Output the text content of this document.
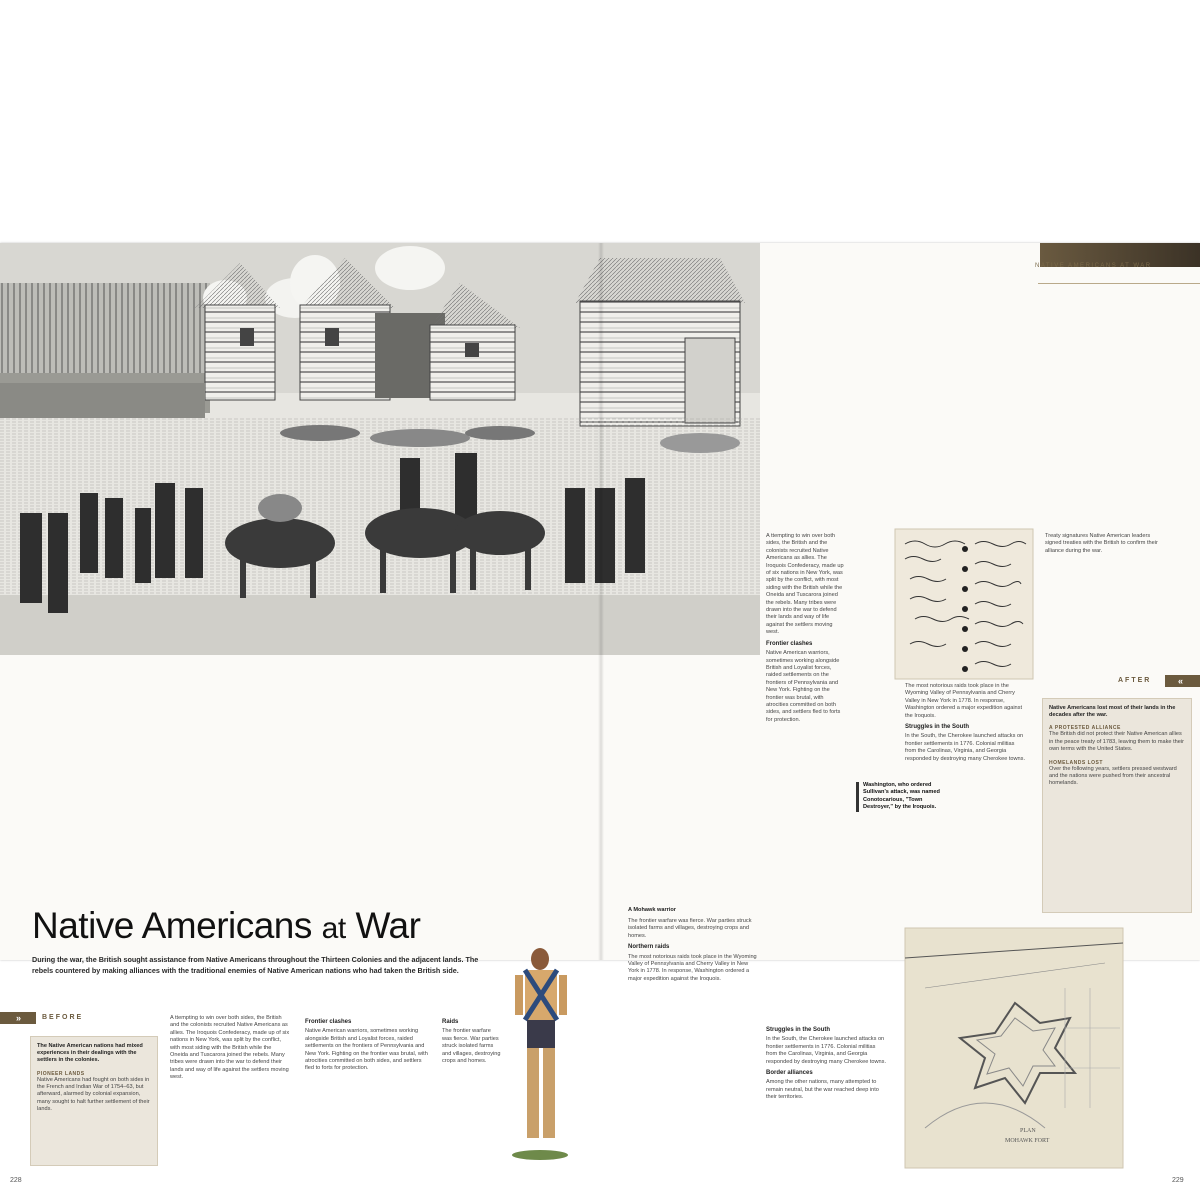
NATIVE AMERICANS AT WAR
Treaty signatures Native American leaders signed treaties with the British to confirm their alliance during the war.
Native Americans at War
During the war, the British sought assistance from Native Americans throughout the Thirteen Colonies and the adjacent lands. The rebels countered by making alliances with the traditional enemies of Native American nations who had taken the British side.
»	BEFORE
The Native American nations had mixed experiences in their dealings with the settlers in the colonies.
PIONEER LANDS
Native Americans had fought on both sides in the French and Indian War of 1754–63, but afterward, alarmed by colonial expansion, many sought to halt further settlement of their lands.
A ttempting to win over both sides, the British and the colonists recruited Native Americans as allies. The Iroquois Confederacy, made up of six nations in New York, was split by the conflict, with most siding with the British while the Oneida and Tuscarora joined the rebels. Many tribes were drawn into the war to defend their lands and way of life against the settlers moving west.
Frontier clashes
Native American warriors, sometimes working alongside British and Loyalist forces, raided settlements on the frontiers of Pennsylvania and New York. Fighting on the frontier was brutal, with atrocities committed on both sides, and settlers fled to forts for protection.
Raids
The frontier warfare was fierce. War parties struck isolated farms and villages, destroying crops and homes.
A Mohawk warrior
The frontier warfare was fierce. War parties struck isolated farms and villages, destroying crops and homes.
Northern raids
The most notorious raids took place in the Wyoming Valley of Pennsylvania and Cherry Valley in New York in 1778. In response, Washington ordered a major expedition against the Iroquois.
A ttempting to win over both sides, the British and the colonists recruited Native Americans as allies. The Iroquois Confederacy, made up of six nations in New York, was split by the conflict, with most siding with the British while the Oneida and Tuscarora joined the rebels. Many tribes were drawn into the war to defend their lands and way of life against the settlers moving west.
Frontier clashes
Native American warriors, sometimes working alongside British and Loyalist forces, raided settlements on the frontiers of Pennsylvania and New York. Fighting on the frontier was brutal, with atrocities committed on both sides, and settlers fled to forts for protection.
Washington, who ordered Sullivan's attack, was named Conotocarious, "Town Destroyer," by the Iroquois.
Struggles in the South
In the South, the Cherokee launched attacks on frontier settlements in 1776. Colonial militias from the Carolinas, Virginia, and Georgia responded by destroying many Cherokee towns.
Border alliances
Among the other nations, many attempted to remain neutral, but the war reached deep into their territories.
The most notorious raids took place in the Wyoming Valley of Pennsylvania and Cherry Valley in New York in 1778. In response, Washington ordered a major expedition against the Iroquois.
Struggles in the South
In the South, the Cherokee launched attacks on frontier settlements in 1776. Colonial militias from the Carolinas, Virginia, and Georgia responded by destroying many Cherokee towns.
AFTER	«
Native Americans lost most of their lands in the decades after the war.
A PROTESTED ALLIANCE
The British did not protect their Native American allies in the peace treaty of 1783, leaving them to make their own terms with the United States.
HOMELANDS LOST
Over the following years, settlers pressed westward and the nations were pushed from their ancestral homelands.
PLAN
MOHAWK FORT
228	229
